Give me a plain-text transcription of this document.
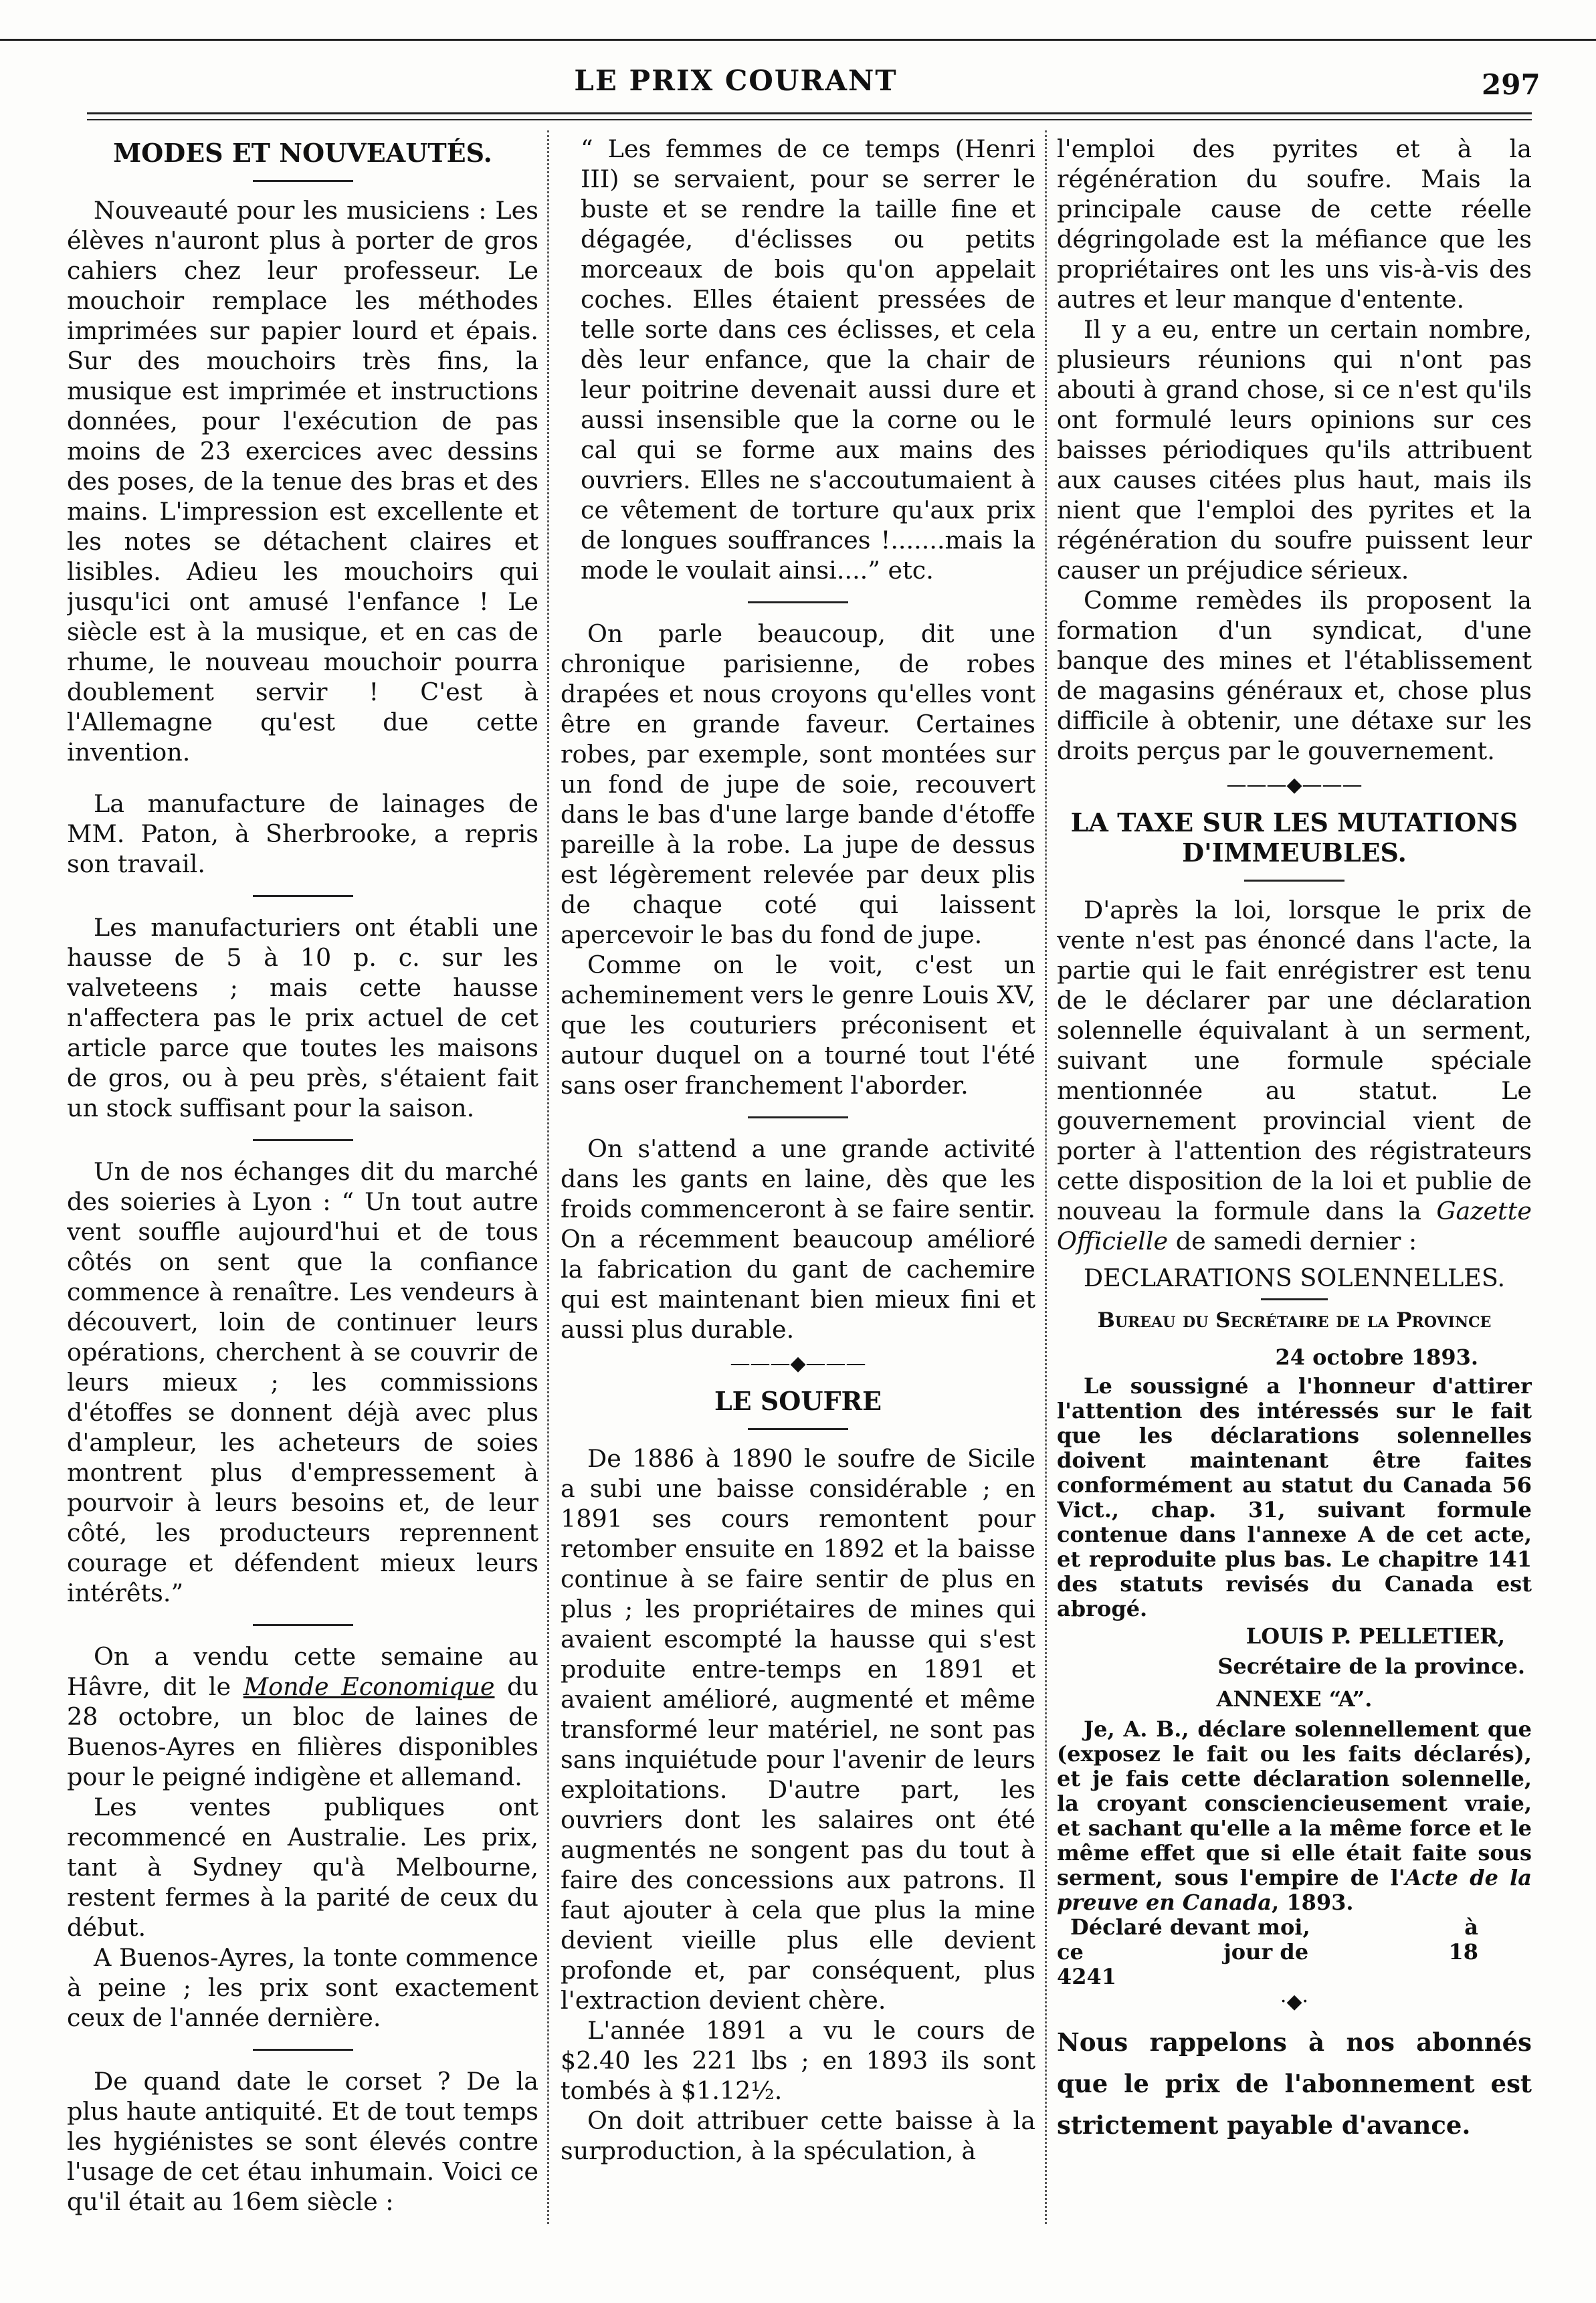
LE PRIX COURANT	297
MODES ET NOUVEAUTÉS.

Nouveauté pour les musiciens : Les élèves n'auront plus à porter de gros cahiers chez leur professeur. Le mouchoir remplace les méthodes imprimées sur papier lourd et épais. Sur des mouchoirs très fins, la musique est imprimée et instructions données, pour l'exécution de pas moins de 23 exercices avec dessins des poses, de la tenue des bras et des mains. L'impression est excellente et les notes se détachent claires et lisibles. Adieu les mouchoirs qui jusqu'ici ont amusé l'enfance ! Le siècle est à la musique, et en cas de rhume, le nouveau mouchoir pourra doublement servir ! C'est à l'Allemagne qu'est due cette invention.

La manufacture de lainages de MM. Paton, à Sherbrooke, a repris son travail.

Les manufacturiers ont établi une hausse de 5 à 10 p. c. sur les valveteens ; mais cette hausse n'affectera pas le prix actuel de cet article parce que toutes les maisons de gros, ou à peu près, s'étaient fait un stock suffisant pour la saison.

Un de nos échanges dit du marché des soieries à Lyon : “ Un tout autre vent souffle aujourd'hui et de tous côtés on sent que la confiance commence à renaître. Les vendeurs à découvert, loin de continuer leurs opérations, cherchent à se couvrir de leurs mieux ; les commissions d'étoffes se donnent déjà avec plus d'ampleur, les acheteurs de soies montrent plus d'empressement à pourvoir à leurs besoins et, de leur côté, les producteurs reprennent courage et défendent mieux leurs intérêts.”

On a vendu cette semaine au Hâvre, dit le Monde Economique du 28 octobre, un bloc de laines de Buenos-Ayres en filières disponibles pour le peigné indigène et allemand.

Les ventes publiques ont recommencé en Australie. Les prix, tant à Sydney qu'à Melbourne, restent fermes à la parité de ceux du début.

A Buenos-Ayres, la tonte commence à peine ; les prix sont exactement ceux de l'année dernière.

De quand date le corset ? De la plus haute antiquité. Et de tout temps les hygiénistes se sont élevés contre l'usage de cet étau inhumain. Voici ce qu'il était au 16em siècle :

“ Les femmes de ce temps (Henri III) se servaient, pour se serrer le buste et se rendre la taille fine et dégagée, d'éclisses ou petits morceaux de bois qu'on appelait coches. Elles étaient pressées de telle sorte dans ces éclisses, et cela dès leur enfance, que la chair de leur poitrine devenait aussi dure et aussi insensible que la corne ou le cal qui se forme aux mains des ouvriers. Elles ne s'accoutumaient à ce vêtement de torture qu'aux prix de longues souffrances !.......mais la mode le voulait ainsi....” etc.

On parle beaucoup, dit une chronique parisienne, de robes drapées et nous croyons qu'elles vont être en grande faveur. Certaines robes, par exemple, sont montées sur un fond de jupe de soie, recouvert dans le bas d'une large bande d'étoffe pareille à la robe. La jupe de dessus est légèrement relevée par deux plis de chaque coté qui laissent apercevoir le bas du fond de jupe.

Comme on le voit, c'est un acheminement vers le genre Louis XV, que les couturiers préconisent et autour duquel on a tourné tout l'été sans oser franchement l'aborder.

On s'attend a une grande activité dans les gants en laine, dès que les froids commenceront à se faire sentir. On a récemment beaucoup amélioré la fabrication du gant de cachemire qui est maintenant bien mieux fini et aussi plus durable.

———◆———
LE SOUFRE

De 1886 à 1890 le soufre de Sicile a subi une baisse considérable ; en 1891 ses cours remontent pour retomber ensuite en 1892 et la baisse continue à se faire sentir de plus en plus ; les propriétaires de mines qui avaient escompté la hausse qui s'est produite entre-temps en 1891 et avaient amélioré, augmenté et même transformé leur matériel, ne sont pas sans inquiétude pour l'avenir de leurs exploitations. D'autre part, les ouvriers dont les salaires ont été augmentés ne songent pas du tout à faire des concessions aux patrons. Il faut ajouter à cela que plus la mine devient vieille plus elle devient profonde et, par conséquent, plus l'extraction devient chère.

L'année 1891 a vu le cours de $2.40 les 221 lbs ; en 1893 ils sont tombés à $1.12½.

On doit attribuer cette baisse à la surproduction, à la spéculation, à

l'emploi des pyrites et à la régénération du soufre. Mais la principale cause de cette réelle dégringolade est la méfiance que les propriétaires ont les uns vis-à-vis des autres et leur manque d'entente.

Il y a eu, entre un certain nombre, plusieurs réunions qui n'ont pas abouti à grand chose, si ce n'est qu'ils ont formulé leurs opinions sur ces baisses périodiques qu'ils attribuent aux causes citées plus haut, mais ils nient que l'emploi des pyrites et la régénération du soufre puissent leur causer un préjudice sérieux.

Comme remèdes ils proposent la formation d'un syndicat, d'une banque des mines et l'établissement de magasins généraux et, chose plus difficile à obtenir, une détaxe sur les droits perçus par le gouvernement.

———◆———
LA TAXE SUR LES MUTATIONS D'IMMEUBLES.

D'après la loi, lorsque le prix de vente n'est pas énoncé dans l'acte, la partie qui le fait enrégistrer est tenu de le déclarer par une déclaration solennelle équivalant à un serment, suivant une formule spéciale mentionnée au statut. Le gouvernement provincial vient de porter à l'attention des régistrateurs cette disposition de la loi et publie de nouveau la formule dans la Gazette Officielle de samedi dernier :

DECLARATIONS SOLENNELLES.

Bureau du Secrétaire de la Province

24 octobre 1893.

Le soussigné a l'honneur d'attirer l'attention des intéressés sur le fait que les déclarations solennelles doivent maintenant être faites conformément au statut du Canada 56 Vict., chap. 31, suivant formule contenue dans l'annexe A de cet acte, et reproduite plus bas. Le chapitre 141 des statuts revisés du Canada est abrogé.

LOUIS P. PELLETIER,

Secrétaire de la province.

ANNEXE “A”.

Je, A. B., déclare solennellement que (exposez le fait ou les faits déclarés), et je fais cette déclaration solennelle, la croyant consciencieusement vraie, et sachant qu'elle a la même force et le même effet que si elle était faite sous serment, sous l'empire de l'Acte de la preuve en Canada, 1893.

Déclaré devant moi,	à
ce	jour de	18

4241

·◆·

Nous rappelons à nos abonnés que le prix de l'abonnement est strictement payable d'avance.
